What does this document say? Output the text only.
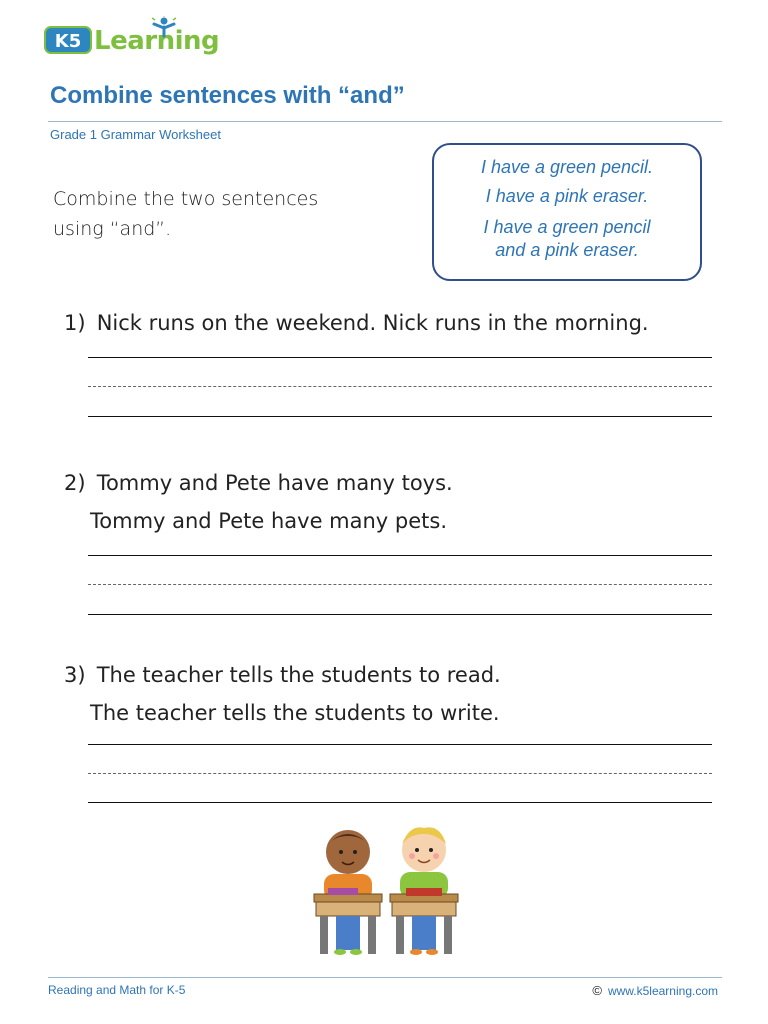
K5 Learning
Combine sentences with “and”
Grade 1 Grammar Worksheet
Combine the two sentences
using “and”.
I have a green pencil.
I have a pink eraser.
I have a green pencil
and a pink eraser.
1) Nick runs on the weekend. Nick runs in the morning.
2) Tommy and Pete have many toys.
Tommy and Pete have many pets.
3) The teacher tells the students to read.
The teacher tells the students to write.
Reading and Math for K-5	© www.k5learning.com
